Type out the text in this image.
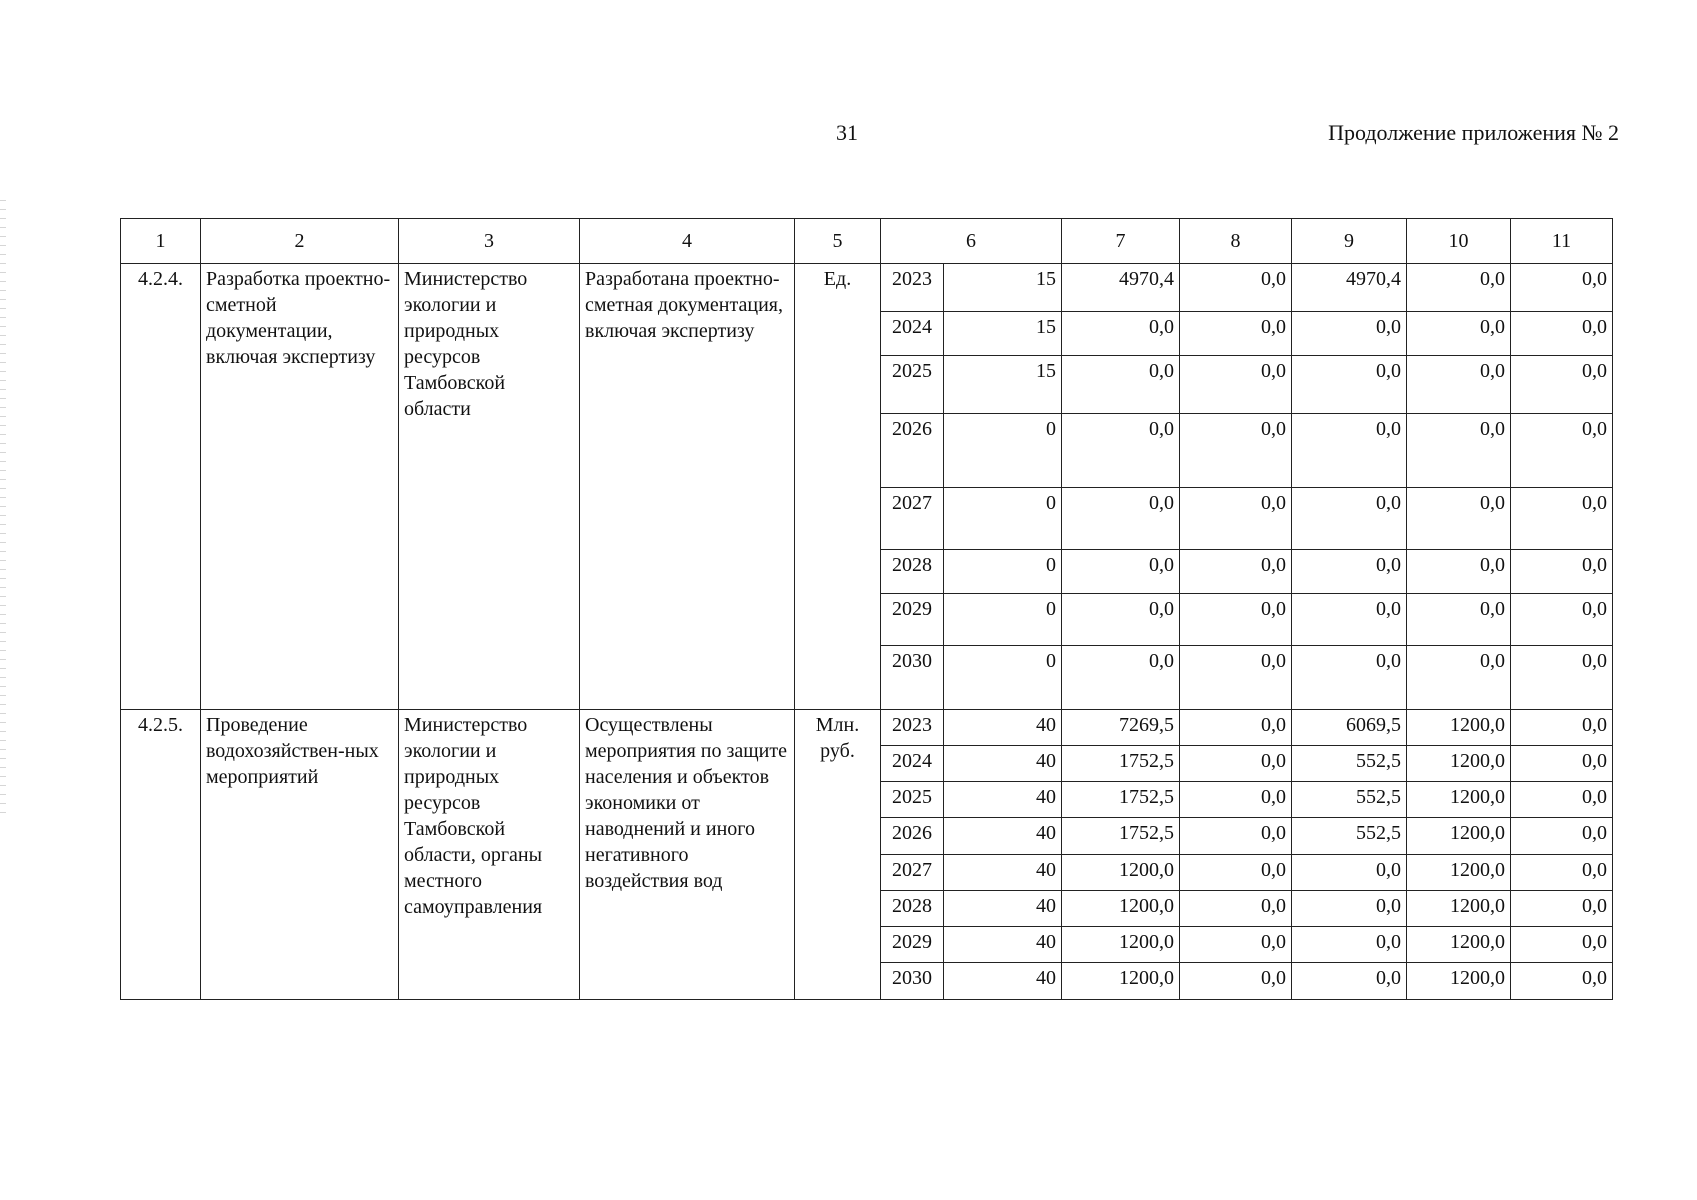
31	Продолжение приложения № 2
1	2	3	4	5	6		7	8	9	10	11
4.2.4.	Разработка проектно-сметной документации, включая экспертизу	Министерство экологии и природных ресурсов Тамбовской области	Разработана проектно-сметная документация, включая экспертизу	Ед.	2023	15	4970,4	0,0	4970,4	0,0	0,0
					2024	15	0,0	0,0	0,0	0,0	0,0
					2025	15	0,0	0,0	0,0	0,0	0,0
					2026	0	0,0	0,0	0,0	0,0	0,0
					2027	0	0,0	0,0	0,0	0,0	0,0
					2028	0	0,0	0,0	0,0	0,0	0,0
					2029	0	0,0	0,0	0,0	0,0	0,0
					2030	0	0,0	0,0	0,0	0,0	0,0
4.2.5.	Проведение водохозяйствен-ных мероприятий	Министерство экологии и природных ресурсов Тамбовской области, органы местного самоуправления	Осуществлены мероприятия по защите населения и объектов экономики от наводнений и иного негативного воздействия вод	Млн. руб.	2023	40	7269,5	0,0	6069,5	1200,0	0,0
					2024	40	1752,5	0,0	552,5	1200,0	0,0
					2025	40	1752,5	0,0	552,5	1200,0	0,0
					2026	40	1752,5	0,0	552,5	1200,0	0,0
					2027	40	1200,0	0,0	0,0	1200,0	0,0
					2028	40	1200,0	0,0	0,0	1200,0	0,0
					2029	40	1200,0	0,0	0,0	1200,0	0,0
					2030	40	1200,0	0,0	0,0	1200,0	0,0
